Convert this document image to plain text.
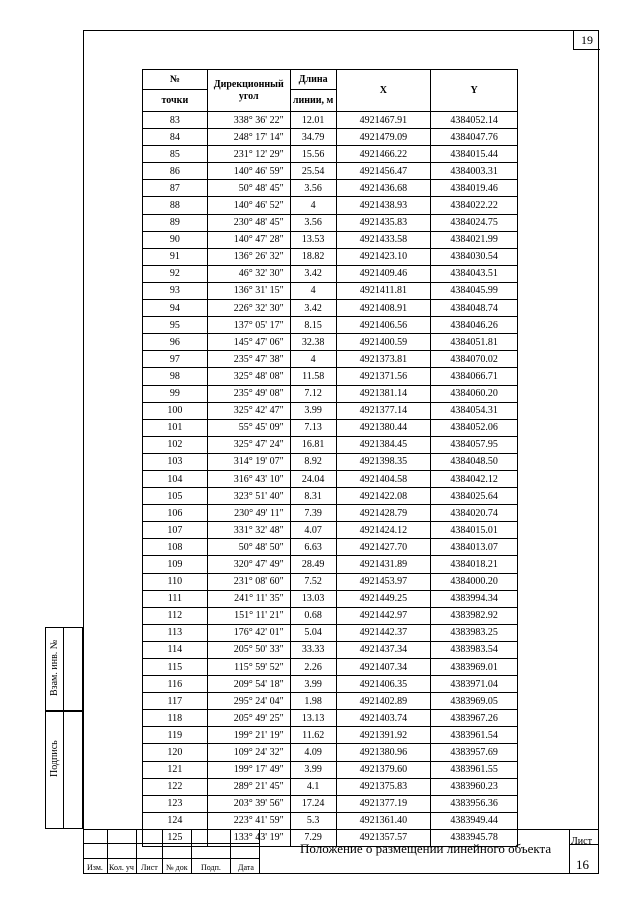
19
№	Дирекционный угол	Длина	X	Y
точки		линии, м		
83	338° 36' 22"	12.01	4921467.91	4384052.14
84	248° 17' 14"	34.79	4921479.09	4384047.76
85	231° 12' 29"	15.56	4921466.22	4384015.44
86	140° 46' 59"	25.54	4921456.47	4384003.31
87	50° 48' 45"	3.56	4921436.68	4384019.46
88	140° 46' 52"	4	4921438.93	4384022.22
89	230° 48' 45"	3.56	4921435.83	4384024.75
90	140° 47' 28"	13.53	4921433.58	4384021.99
91	136° 26' 32"	18.82	4921423.10	4384030.54
92	46° 32' 30"	3.42	4921409.46	4384043.51
93	136° 31' 15"	4	4921411.81	4384045.99
94	226° 32' 30"	3.42	4921408.91	4384048.74
95	137° 05' 17"	8.15	4921406.56	4384046.26
96	145° 47' 06"	32.38	4921400.59	4384051.81
97	235° 47' 38"	4	4921373.81	4384070.02
98	325° 48' 08"	11.58	4921371.56	4384066.71
99	235° 49' 08"	7.12	4921381.14	4384060.20
100	325° 42' 47"	3.99	4921377.14	4384054.31
101	55° 45' 09"	7.13	4921380.44	4384052.06
102	325° 47' 24"	16.81	4921384.45	4384057.95
103	314° 19' 07"	8.92	4921398.35	4384048.50
104	316° 43' 10"	24.04	4921404.58	4384042.12
105	323° 51' 40"	8.31	4921422.08	4384025.64
106	230° 49' 11"	7.39	4921428.79	4384020.74
107	331° 32' 48"	4.07	4921424.12	4384015.01
108	50° 48' 50"	6.63	4921427.70	4384013.07
109	320° 47' 49"	28.49	4921431.89	4384018.21
110	231° 08' 60"	7.52	4921453.97	4384000.20
111	241° 11' 35"	13.03	4921449.25	4383994.34
112	151° 11' 21"	0.68	4921442.97	4383982.92
113	176° 42' 01"	5.04	4921442.37	4383983.25
114	205° 50' 33"	33.33	4921437.34	4383983.54
115	115° 59' 52"	2.26	4921407.34	4383969.01
116	209° 54' 18"	3.99	4921406.35	4383971.04
117	295° 24' 04"	1.98	4921402.89	4383969.05
118	205° 49' 25"	13.13	4921403.74	4383967.26
119	199° 21' 19"	11.62	4921391.92	4383961.54
120	109° 24' 32"	4.09	4921380.96	4383957.69
121	199° 17' 49"	3.99	4921379.60	4383961.55
122	289° 21' 45"	4.1	4921375.83	4383960.23
123	203° 39' 56"	17.24	4921377.19	4383956.36
124	223° 41' 59"	5.3	4921361.40	4383949.44
125	133° 43' 19"	7.29	4921357.57	4383945.78
Взам. инв. №
Подпись
Изм. Кол. уч Лист № док Подп. Дата
Положение о размещении линейного объекта Лист
16
